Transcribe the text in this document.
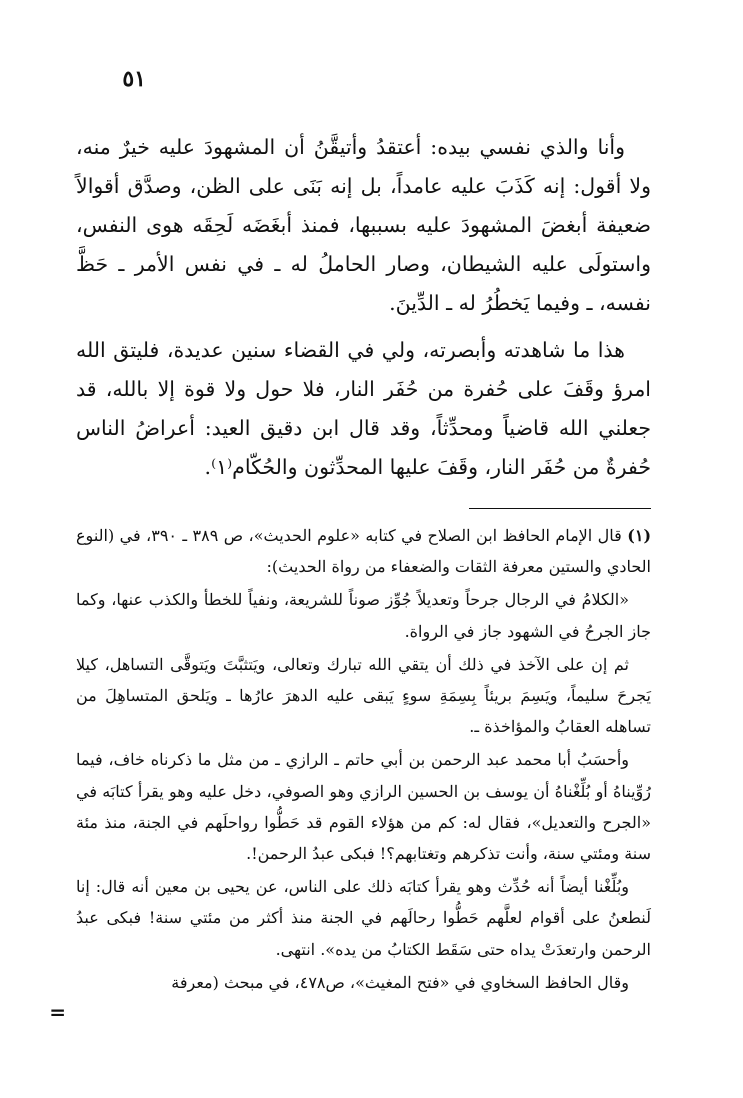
٥١

وأنا والذي نفسي بيده: أعتقدُ وأتيقَّنُ أن المشهودَ عليه خيرٌ منه، ولا أقول: إنه كَذَبَ عليه عامداً، بل إنه بَنَى على الظن، وصدَّق أقوالاً ضعيفة أبغضَ المشهودَ عليه بسببها، فمنذ أبغَضَه لَحِقَه هوى النفس، واستولَى عليه الشيطان، وصار الحاملُ له ـ في نفس الأمر ـ حَظَّ نفسه، ـ وفيما يَخطُرُ له ـ الدِّينَ.

هذا ما شاهدته وأبصرته، ولي في القضاء سنين عديدة، فليتق الله امرؤ وقَفَ على حُفرة من حُفَر النار، فلا حول ولا قوة إلا بالله، قد جعلني الله قاضياً ومحدِّثاً، وقد قال ابن دقيق العيد: أعراضُ الناس حُفرةٌ من حُفَر النار، وقَفَ عليها المحدِّثون والحُكّام⁽١⁾.

(١) قال الإمام الحافظ ابن الصلاح في كتابه «علوم الحديث»، ص ٣٨٩ ـ ٣٩٠، في (النوع الحادي والستين معرفة الثقات والضعفاء من رواة الحديث):

«الكلامُ في الرجال جرحاً وتعديلاً جُوِّز صوناً للشريعة، ونفياً للخطأ والكذب عنها، وكما جاز الجرحُ في الشهود جاز في الرواة.

ثم إن على الآخذ في ذلك أن يتقي الله تبارك وتعالى، ويَتثبَّتَ ويَتوقَّى التساهل، كيلا يَجرحَ سليماً، ويَسِمَ بريئاً بِسِمَةِ سوءٍ يَبقى عليه الدهرَ عارُها ـ ويَلحق المتساهِلَ من تساهله العقابُ والمؤاخذة ـ.

وأحسَبُ أبا محمد عبد الرحمن بن أبي حاتم ـ الرازي ـ من مثل ما ذكرناه خاف، فيما رُوِّيناهُ أو بُلِّغْناهُ أن يوسف بن الحسين الرازي وهو الصوفي، دخل عليه وهو يقرأ كتابَه في «الجرح والتعديل»، فقال له: كم من هؤلاء القوم قد حَطُّوا رواحلَهم في الجنة، منذ مئة سنة ومئتي سنة، وأنت تذكرهم وتغتابهم؟! فبكى عبدُ الرحمن!.

وبُلِّغْنا أيضاً أنه حُدِّث وهو يقرأ كتابَه ذلك على الناس، عن يحيى بن معين أنه قال: إنا لَنطعنُ على أقوام لعلَّهم حَطُّوا رحالَهم في الجنة منذ أكثر من مئتي سنة! فبكى عبدُ الرحمن وارتعدَتْ يداه حتى سَقَط الكتابُ من يده». انتهى.

وقال الحافظ السخاوي في «فتح المغيث»، ص٤٧٨، في مبحث (معرفة

=
